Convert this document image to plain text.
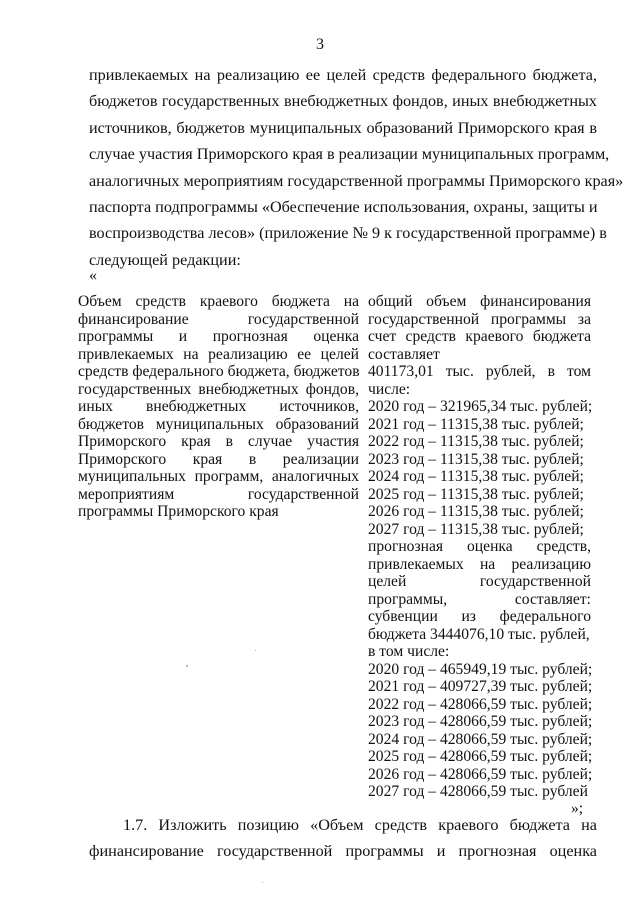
3
привлекаемых на реализацию ее целей средств федерального бюджета,
бюджетов государственных внебюджетных фондов, иных внебюджетных
источников, бюджетов муниципальных образований Приморского края в
случае участия Приморского края в реализации муниципальных программ,
аналогичных мероприятиям государственной программы Приморского края»
паспорта подпрограммы «Обеспечение использования, охраны, защиты и
воспроизводства лесов» (приложение № 9 к государственной программе) в
следующей редакции:
«
Объем средств краевого бюджета на
финансирование государственной
программы и прогнозная оценка
привлекаемых на реализацию ее целей
средств федерального бюджета, бюджетов
государственных внебюджетных фондов,
иных внебюджетных источников,
бюджетов муниципальных образований
Приморского края в случае участия
Приморского края в реализации
муниципальных программ, аналогичных
мероприятиям государственной
программы Приморского края
общий объем финансирования
государственной программы за
счет средств краевого бюджета
составляет
401173,01 тыс. рублей, в том
числе:
2020 год – 321965,34 тыс. рублей;
2021 год – 11315,38 тыс. рублей;
2022 год – 11315,38 тыс. рублей;
2023 год – 11315,38 тыс. рублей;
2024 год – 11315,38 тыс. рублей;
2025 год – 11315,38 тыс. рублей;
2026 год – 11315,38 тыс. рублей;
2027 год – 11315,38 тыс. рублей;
прогнозная оценка средств,
привлекаемых на реализацию
целей государственной
программы, составляет:
субвенции из федерального
бюджета 3444076,10 тыс. рублей,
в том числе:
2020 год – 465949,19 тыс. рублей;
2021 год – 409727,39 тыс. рублей;
2022 год – 428066,59 тыс. рублей;
2023 год – 428066,59 тыс. рублей;
2024 год – 428066,59 тыс. рублей;
2025 год – 428066,59 тыс. рублей;
2026 год – 428066,59 тыс. рублей;
2027 год – 428066,59 тыс. рублей
»;
1.7. Изложить позицию «Объем средств краевого бюджета на
финансирование государственной программы и прогнозная оценка
